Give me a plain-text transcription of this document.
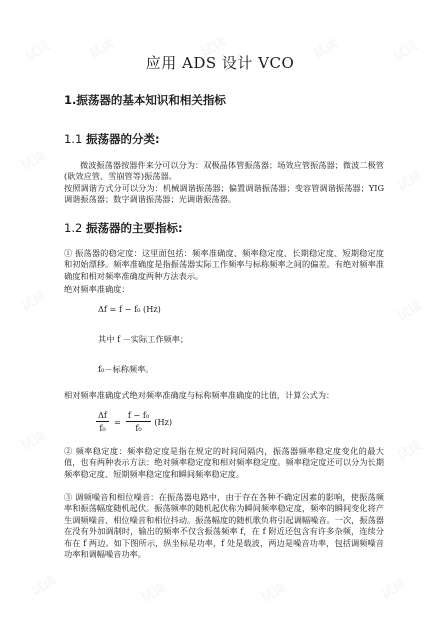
试读	试读	试读	试读	试读
试读
试读
试读	试读
试读	试读
试读	试读	试读	试读
应用 ADS 设计 VCO
1.振荡器的基本知识和相关指标
1.1 振荡器的分类:

微波振荡器按器件来分可以分为：双极晶体管振荡器；场效应管振荡器；微波二极管(耿效应管、雪崩管等)振荡器。

按照调谐方式分可以分为：机械调谐振荡器；偏置调谐振荡器；变容管调谐振荡器；YIG 调谐振荡器；数字调谐振荡器；光调谐振荡器。

1.2 振荡器的主要指标:

① 振荡器的稳定度：这里面包括：频率准确度、频率稳定度、长期稳定度、短期稳定度和初始漂移。频率准确度是指振荡器实际工作频率与标称频率之间的偏差。有绝对频率准确度和相对频率准确度两种方法表示。

绝对频率准确度：
Δf = f − f₀ (Hz)
其中 f －实际工作频率；
f₀－标称频率。
相对频率准确度式绝对频率准确度与标称频率准确度的比值，计算公式为：
$\frac{\Delta f}{\text{f₀}} = \frac{\text{f − f₀}}{\text{f₀}} (Hz)$

② 频率稳定度：频率稳定度是指在规定的时间间隔内，振荡器频率稳定度变化的最大值，也有两种表示方法：绝对频率稳定度和相对频率稳定度。频率稳定度还可以分为长期频率稳定度、短期频率稳定度和瞬间频率稳定度。

③ 调频噪音和相位噪音：在振荡器电路中，由于存在各种不确定因素的影响，使振荡频率和振荡幅度随机起伏。振荡频率的随机起伏称为瞬间频率稳定度，频率的瞬间变化将产生调频噪音、相位噪音和相位抖动。振荡幅度的随机歌负将引起调幅噪音。一次，振荡器在没有外加调制时，输出的频率不仅含振荡频率 f，在 f 附近还包含有许多杂频，连续分布在 f 两边。如下图所示，纵坐标是功率，f 处是载波，两边是噪音功率，包括调频噪音功率和调幅噪音功率。
